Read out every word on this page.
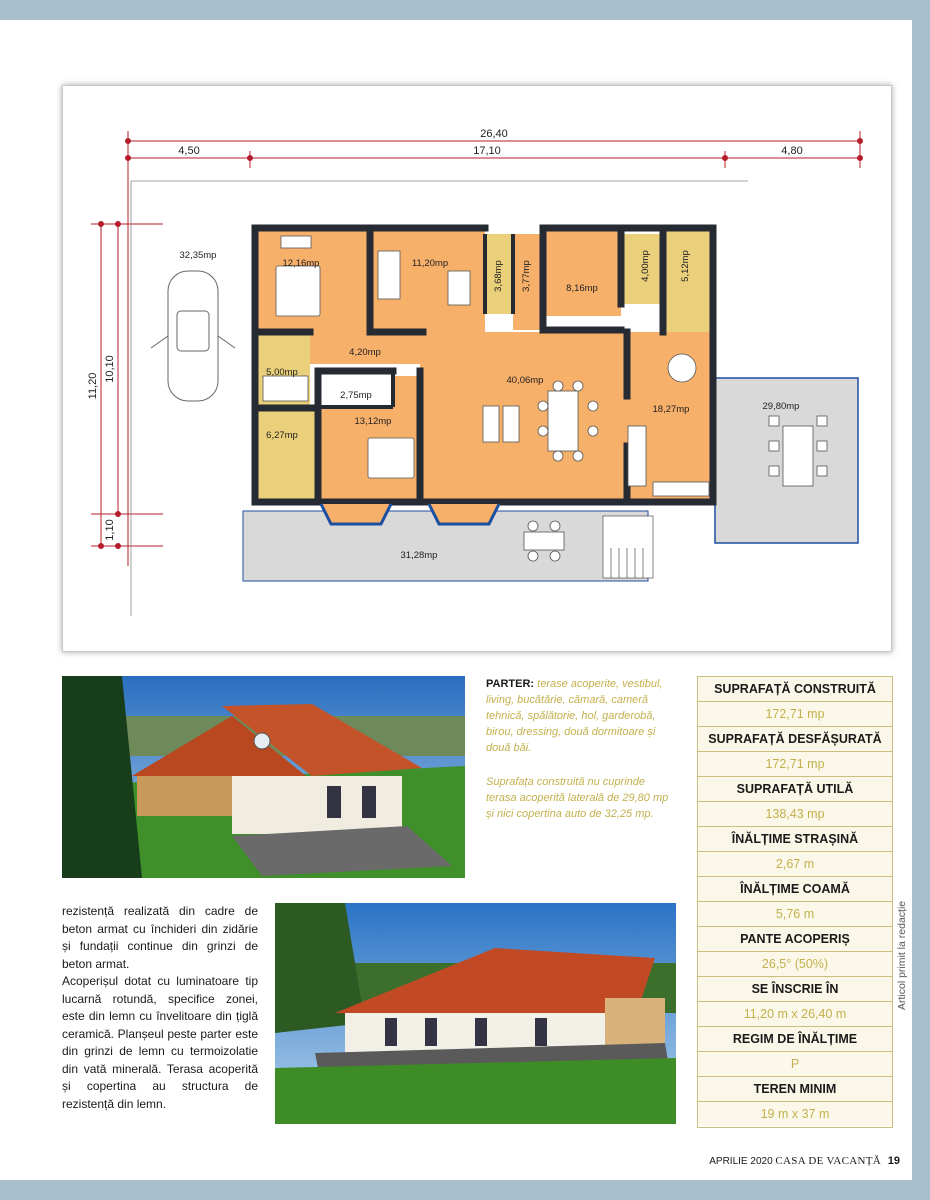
26,40
4,50	17,10	4,80
11,20
10,10
1,10
32,35mp
12,16mp	11,20mp	3,68mp 3,77mp	8,16mp
4,00mp	5,12mp
4,20mp
5,00mp
2,75mp
40,06mp
18,27mp	29,80mp
13,12mp
6,27mp
31,28mp

PARTER: terase acoperite, vestibul, living, bucătărie, cămară, cameră tehnică, spălătorie, hol, garderobă, birou, dressing, două dormitoare și două băi.

Suprafața construită nu cuprinde terasa acoperită laterală de 29,80 mp și nici copertina auto de 32,25 mp.

SUPRAFAȚĂ CONSTRUITĂ
172,71 mp
SUPRAFAȚĂ DESFĂȘURATĂ
172,71 mp
SUPRAFAȚĂ UTILĂ
138,43 mp
ÎNĂLȚIME STRAȘINĂ
2,67 m
ÎNĂLȚIME COAMĂ
5,76 m
PANTE ACOPERIȘ
26,5° (50%)
SE ÎNSCRIE ÎN
11,20 m x 26,40 m
REGIM DE ÎNĂLȚIME
P
TEREN MINIM
19 m x 37 m

rezistență realizată din cadre de beton armat cu închideri din zidărie și fundații continue din grinzi de beton armat.

Acoperișul dotat cu luminatoare tip lucarnă rotundă, specifice zonei, este din lemn cu învelitoare din țiglă ceramică. Planșeul peste parter este din grinzi de lemn cu termoizolatie din vată minerală. Terasa acoperită și copertina au structura de rezistență din lemn.

Articol primit la redacție
APRILIE 2020 CASA DE VACANȚĂ 19
